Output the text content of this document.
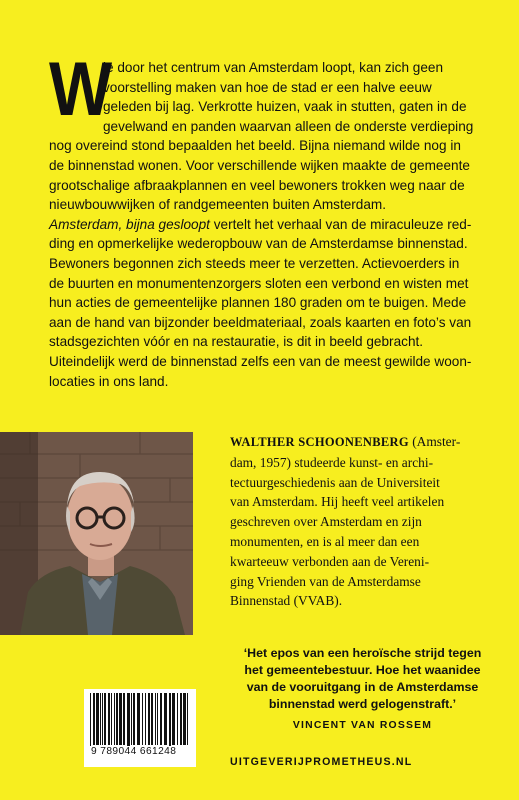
W

ie door het centrum van Amsterdam loopt, kan zich geen

voorstelling maken van hoe de stad er een halve eeuw

geleden bij lag. Verkrotte huizen, vaak in stutten, gaten in de

gevelwand en panden waarvan alleen de onderste verdieping

nog overeind stond bepaalden het beeld. Bijna niemand wilde nog in

de binnenstad wonen. Voor verschillende wijken maakte de gemeente

grootschalige afbraakplannen en veel bewoners trokken weg naar de

nieuwbouwwijken of randgemeenten buiten Amsterdam.

Amsterdam, bijna gesloopt vertelt het verhaal van de miraculeuze red-

ding en opmerkelijke wederopbouw van de Amsterdamse binnenstad.

Bewoners begonnen zich steeds meer te verzetten. Actievoerders in

de buurten en monumentenzorgers sloten een verbond en wisten met

hun acties de gemeentelijke plannen 180 graden om te buigen. Mede

aan de hand van bijzonder beeldmateriaal, zoals kaarten en foto’s van

stadsgezichten vóór en na restauratie, is dit in beeld gebracht.

Uiteindelijk werd de binnenstad zelfs een van de meest gewilde woon-

locaties in ons land.

WALTHER SCHOONENBERG (Amster-
dam, 1957) studeerde kunst- en archi-
tectuurgeschiedenis aan de Universiteit
van Amsterdam. Hij heeft veel artikelen
geschreven over Amsterdam en zijn
monumenten, en is al meer dan een
kwarteeuw verbonden aan de Vereni-
ging Vrienden van de Amsterdamse
Binnenstad (VVAB).
‘Het epos van een heroïsche strijd tegen
het gemeentebestuur. Hoe het waanidee
van de vooruitgang in de Amsterdamse
binnenstad werd gelogenstraft.’
VINCENT VAN ROSSEM
9 789044 661248
UITGEVERIJPROMETHEUS.NL
